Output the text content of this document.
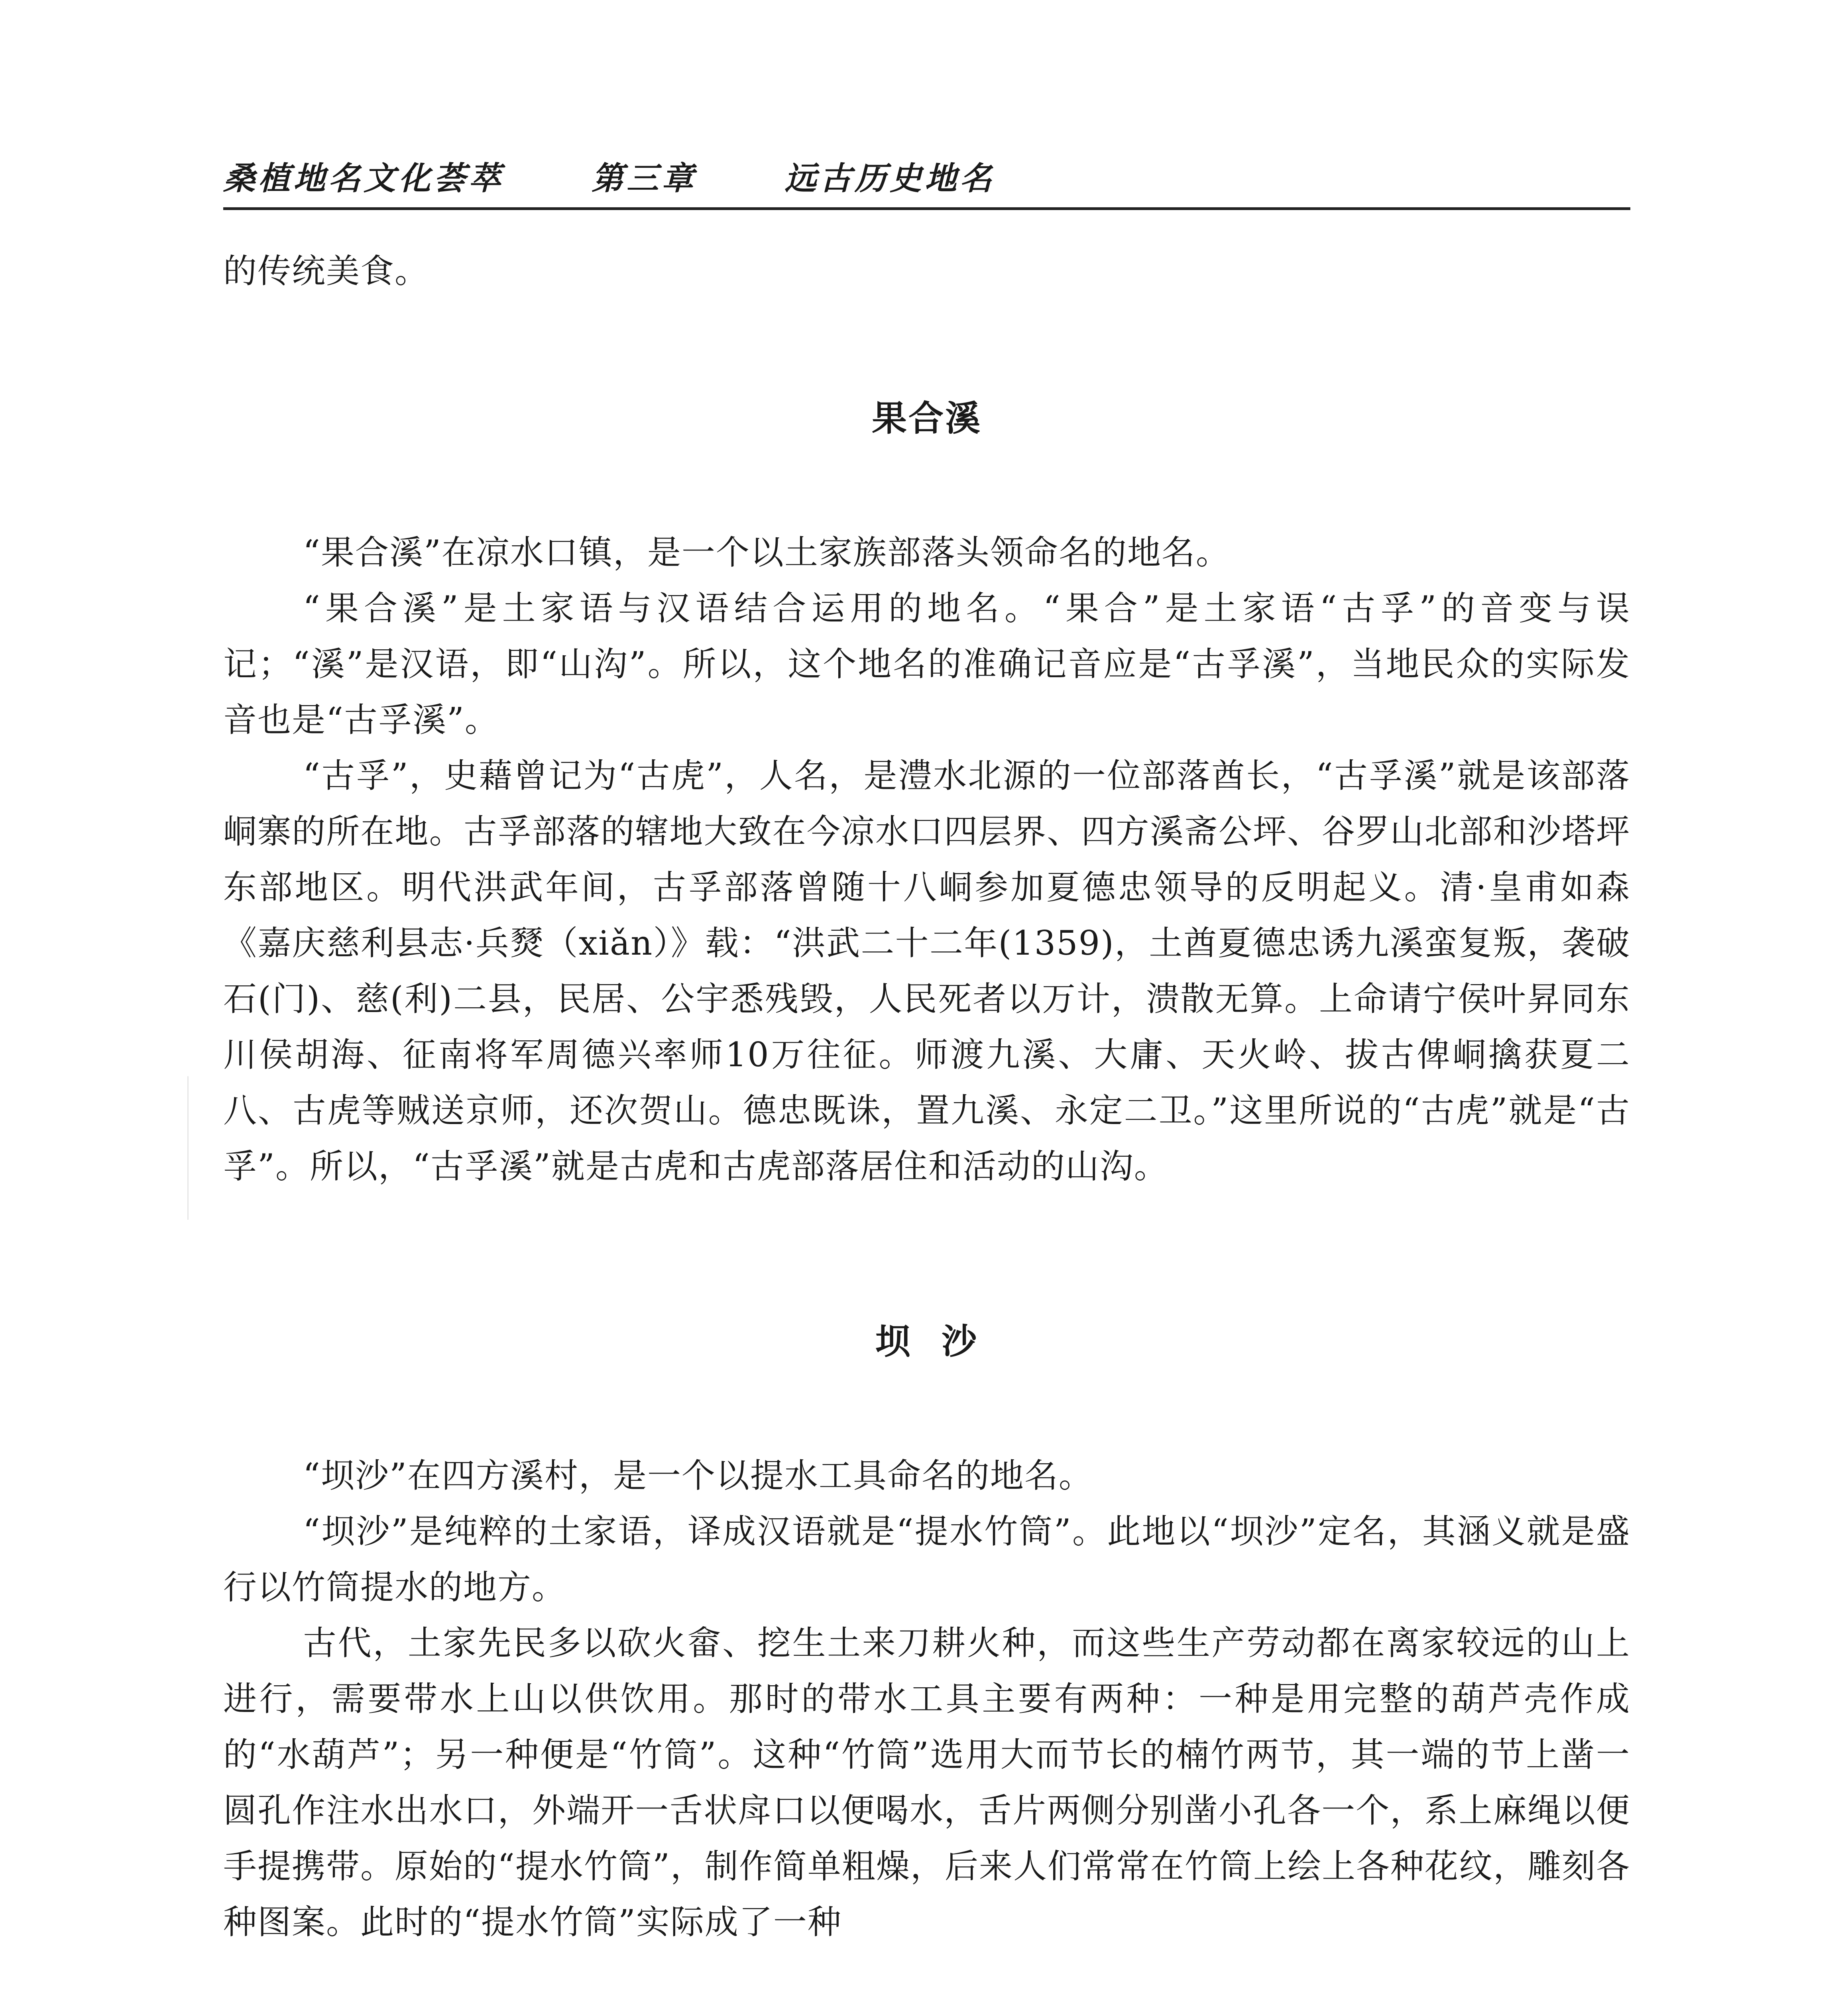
桑植地名文化荟萃	第三章	远古历史地名

的传统美食。

果合溪

“果合溪”在凉水口镇，是一个以土家族部落头领命名的地名。

“果合溪”是土家语与汉语结合运用的地名。“果合”是土家语“古孚”的音变与误记；“溪”是汉语，即“山沟”。所以，这个地名的准确记音应是“古孚溪”，当地民众的实际发音也是“古孚溪”。

“古孚”，史藉曾记为“古虎”，人名，是澧水北源的一位部落酋长，“古孚溪”就是该部落峒寨的所在地。古孚部落的辖地大致在今凉水口四层界、四方溪斋公坪、谷罗山北部和沙塔坪东部地区。明代洪武年间，古孚部落曾随十八峒参加夏德忠领导的反明起义。清·皇甫如森《嘉庆慈利县志·兵燹（xiǎn）》载：“洪武二十二年(1359)，土酋夏德忠诱九溪蛮复叛，袭破石(门)、慈(利)二县，民居、公宇悉残毁，人民死者以万计，溃散无算。上命请宁侯叶昇同东川侯胡海、征南将军周德兴率师10万往征。师渡九溪、大庸、天火岭、拔古俾峒擒获夏二八、古虎等贼送京师，还次贺山。德忠既诛，置九溪、永定二卫。”这里所说的“古虎”就是“古孚”。所以，“古孚溪”就是古虎和古虎部落居住和活动的山沟。

坝 沙

“坝沙”在四方溪村，是一个以提水工具命名的地名。

“坝沙”是纯粹的土家语，译成汉语就是“提水竹筒”。此地以“坝沙”定名，其涵义就是盛行以竹筒提水的地方。

古代，土家先民多以砍火畲、挖生土来刀耕火种，而这些生产劳动都在离家较远的山上进行，需要带水上山以供饮用。那时的带水工具主要有两种：一种是用完整的葫芦壳作成的“水葫芦”；另一种便是“竹筒”。这种“竹筒”选用大而节长的楠竹两节，其一端的节上凿一圆孔作注水出水口，外端开一舌状戽口以便喝水，舌片两侧分别凿小孔各一个，系上麻绳以便手提携带。原始的“提水竹筒”，制作简单粗燥，后来人们常常在竹筒上绘上各种花纹，雕刻各种图案。此时的“提水竹筒”实际成了一种
